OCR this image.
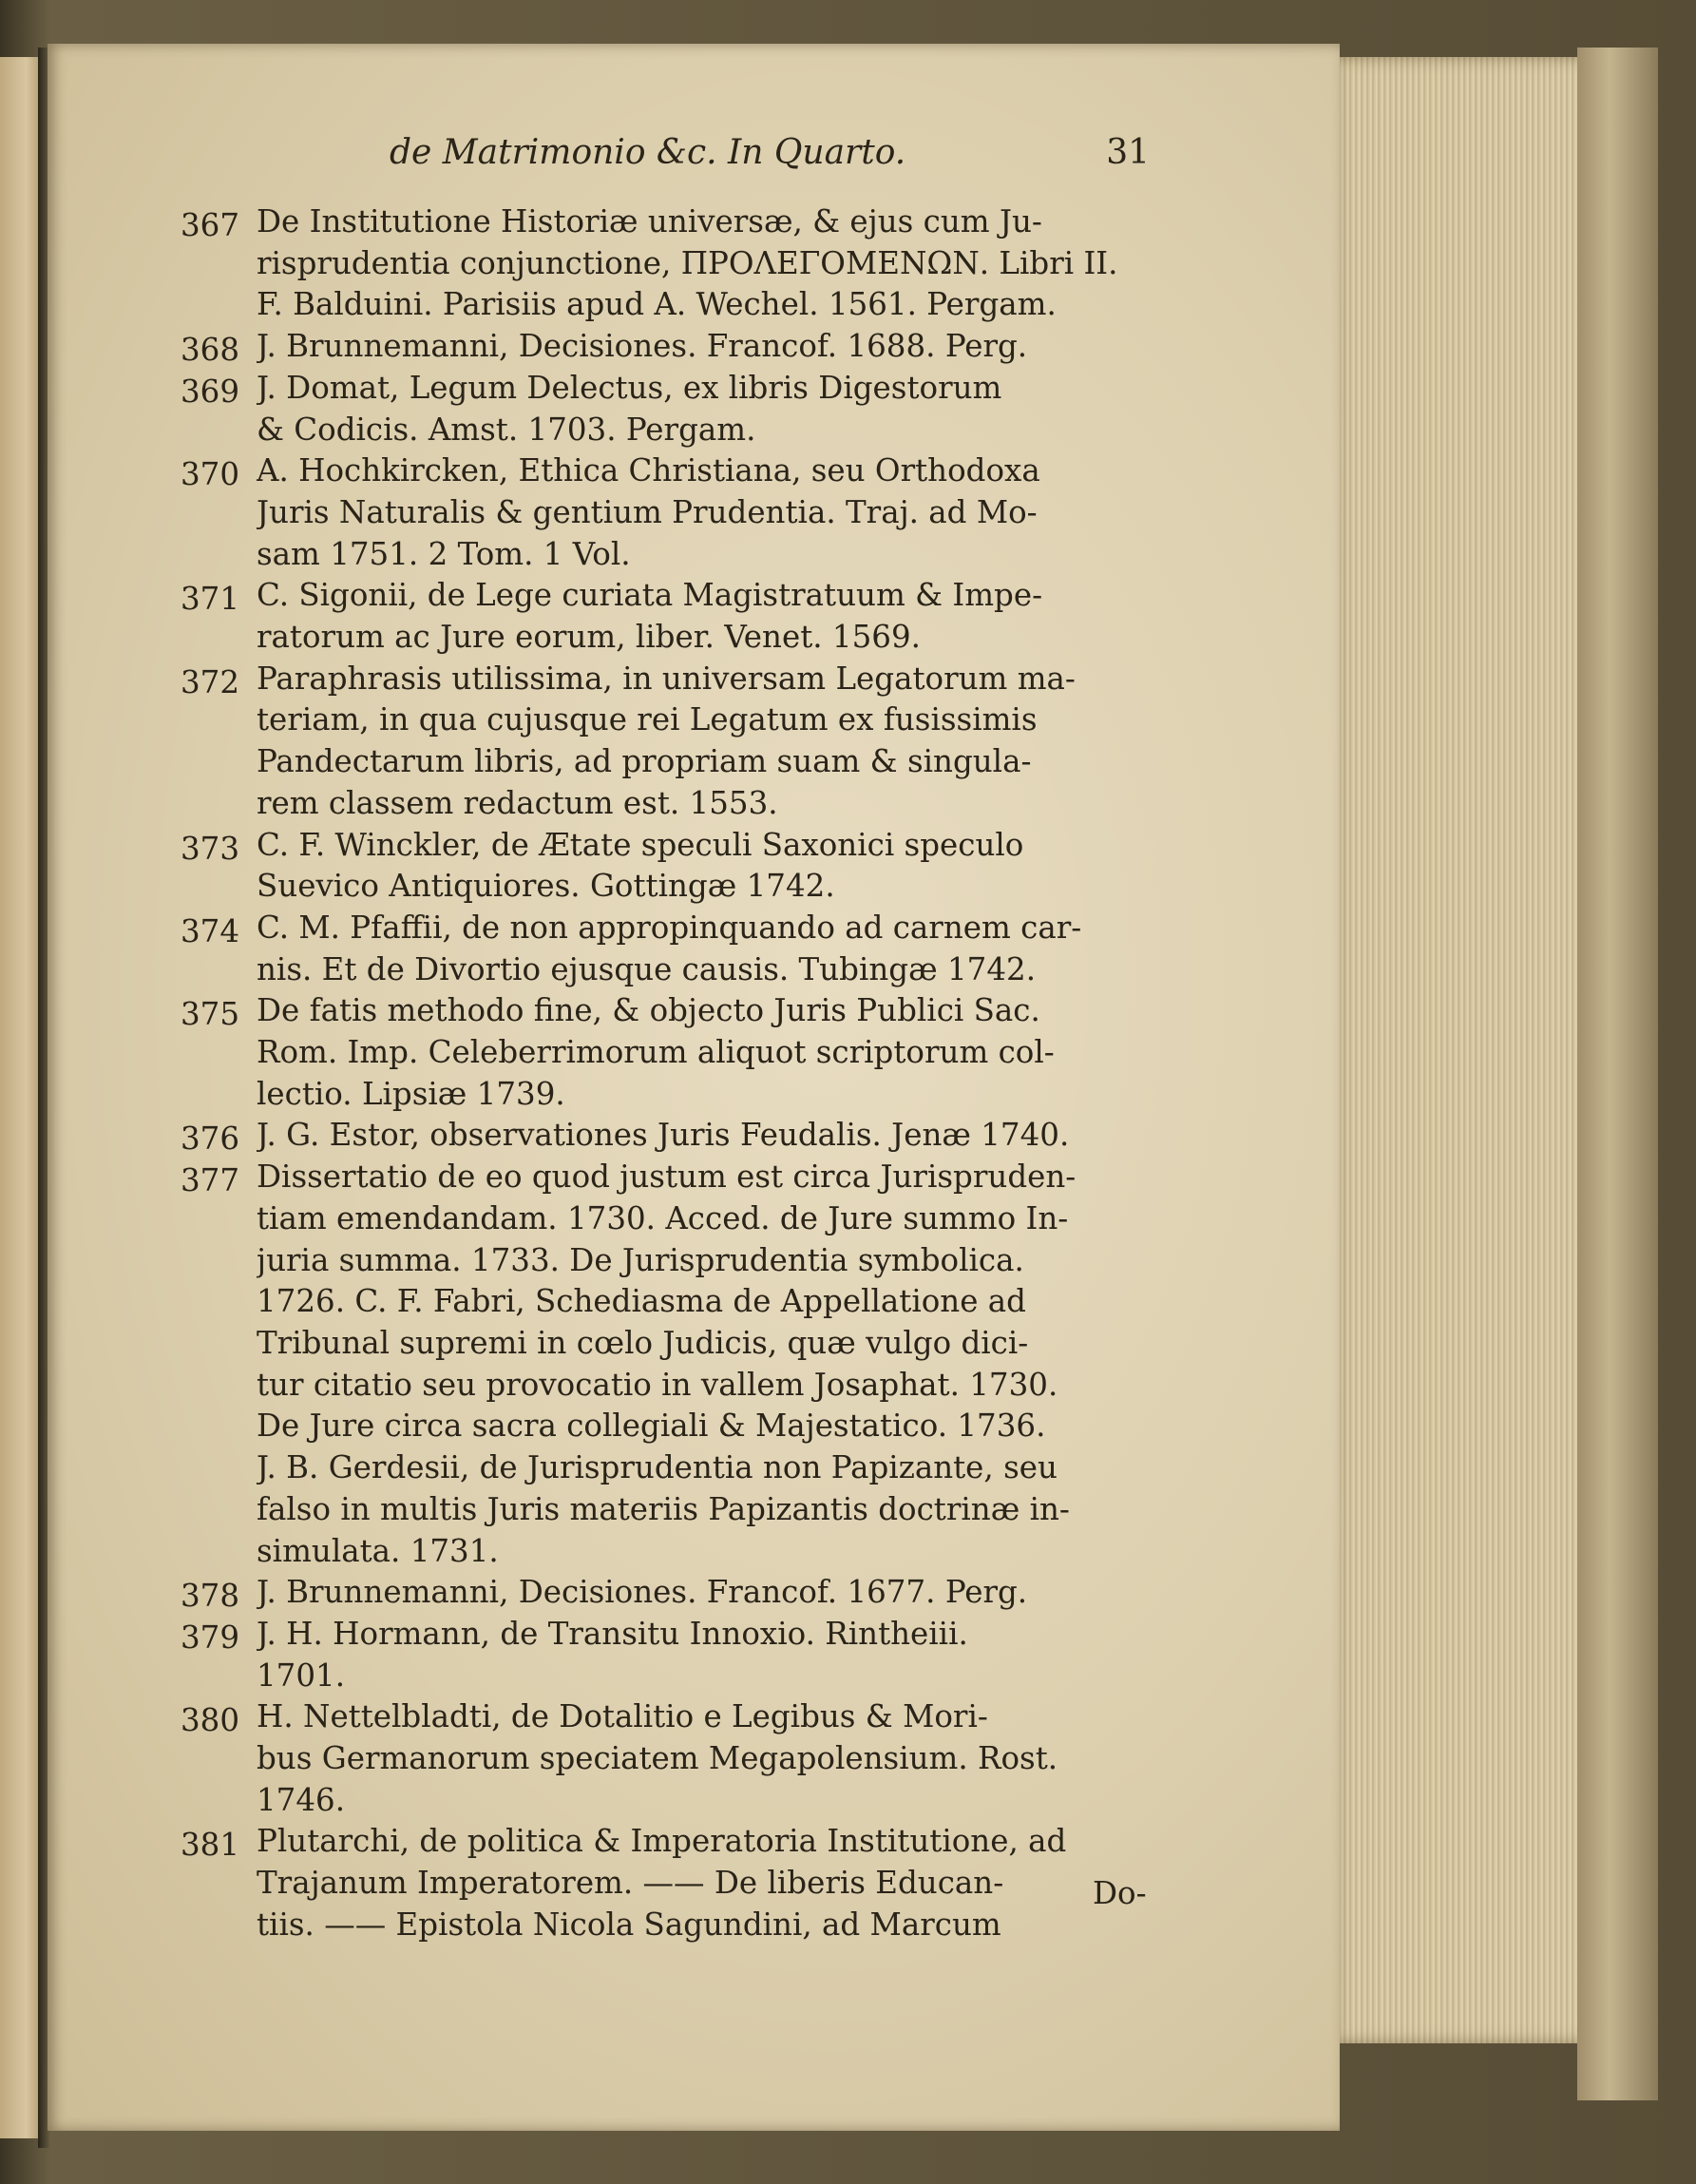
de Matrimonio &c. In Quarto.	31
367 De Institutione Historiæ universæ, & ejus cum Ju-
risprudentia conjunctione, ΠΡΟΛΕΓΟΜΕΝΩΝ. Libri II.
F. Balduini. Parisiis apud A. Wechel. 1561. Pergam.
368 J. Brunnemanni, Decisiones. Francof. 1688. Perg.
369 J. Domat, Legum Delectus, ex libris Digestorum
& Codicis. Amst. 1703. Pergam.
370 A. Hochkircken, Ethica Christiana, seu Orthodoxa
Juris Naturalis & gentium Prudentia. Traj. ad Mo-
sam 1751. 2 Tom. 1 Vol.
371 C. Sigonii, de Lege curiata Magistratuum & Impe-
ratorum ac Jure eorum, liber. Venet. 1569.
372 Paraphrasis utilissima, in universam Legatorum ma-
teriam, in qua cujusque rei Legatum ex fusissimis
Pandectarum libris, ad propriam suam & singula-
rem classem redactum est. 1553.
373 C. F. Winckler, de Ætate speculi Saxonici speculo
Suevico Antiquiores. Gottingæ 1742.
374 C. M. Pfaffii, de non appropinquando ad carnem car-
nis. Et de Divortio ejusque causis. Tubingæ 1742.
375 De fatis methodo fine, & objecto Juris Publici Sac.
Rom. Imp. Celeberrimorum aliquot scriptorum col-
lectio. Lipsiæ 1739.
376 J. G. Estor, observationes Juris Feudalis. Jenæ 1740.
377 Dissertatio de eo quod justum est circa Jurispruden-
tiam emendandam. 1730. Acced. de Jure summo In-
juria summa. 1733. De Jurisprudentia symbolica.
1726. C. F. Fabri, Schediasma de Appellatione ad
Tribunal supremi in cœlo Judicis, quæ vulgo dici-
tur citatio seu provocatio in vallem Josaphat. 1730.
De Jure circa sacra collegiali & Majestatico. 1736.
J. B. Gerdesii, de Jurisprudentia non Papizante, seu
falso in multis Juris materiis Papizantis doctrinæ in-
simulata. 1731.
378 J. Brunnemanni, Decisiones. Francof. 1677. Perg.
379 J. H. Hormann, de Transitu Innoxio. Rintheiii.
1701.
380 H. Nettelbladti, de Dotalitio e Legibus & Mori-
bus Germanorum speciatem Megapolensium. Rost.
1746.
381 Plutarchi, de politica & Imperatoria Institutione, ad
Trajanum Imperatorem. —— De liberis Educan-
tiis. —— Epistola Nicola Sagundini, ad Marcum
Do-
